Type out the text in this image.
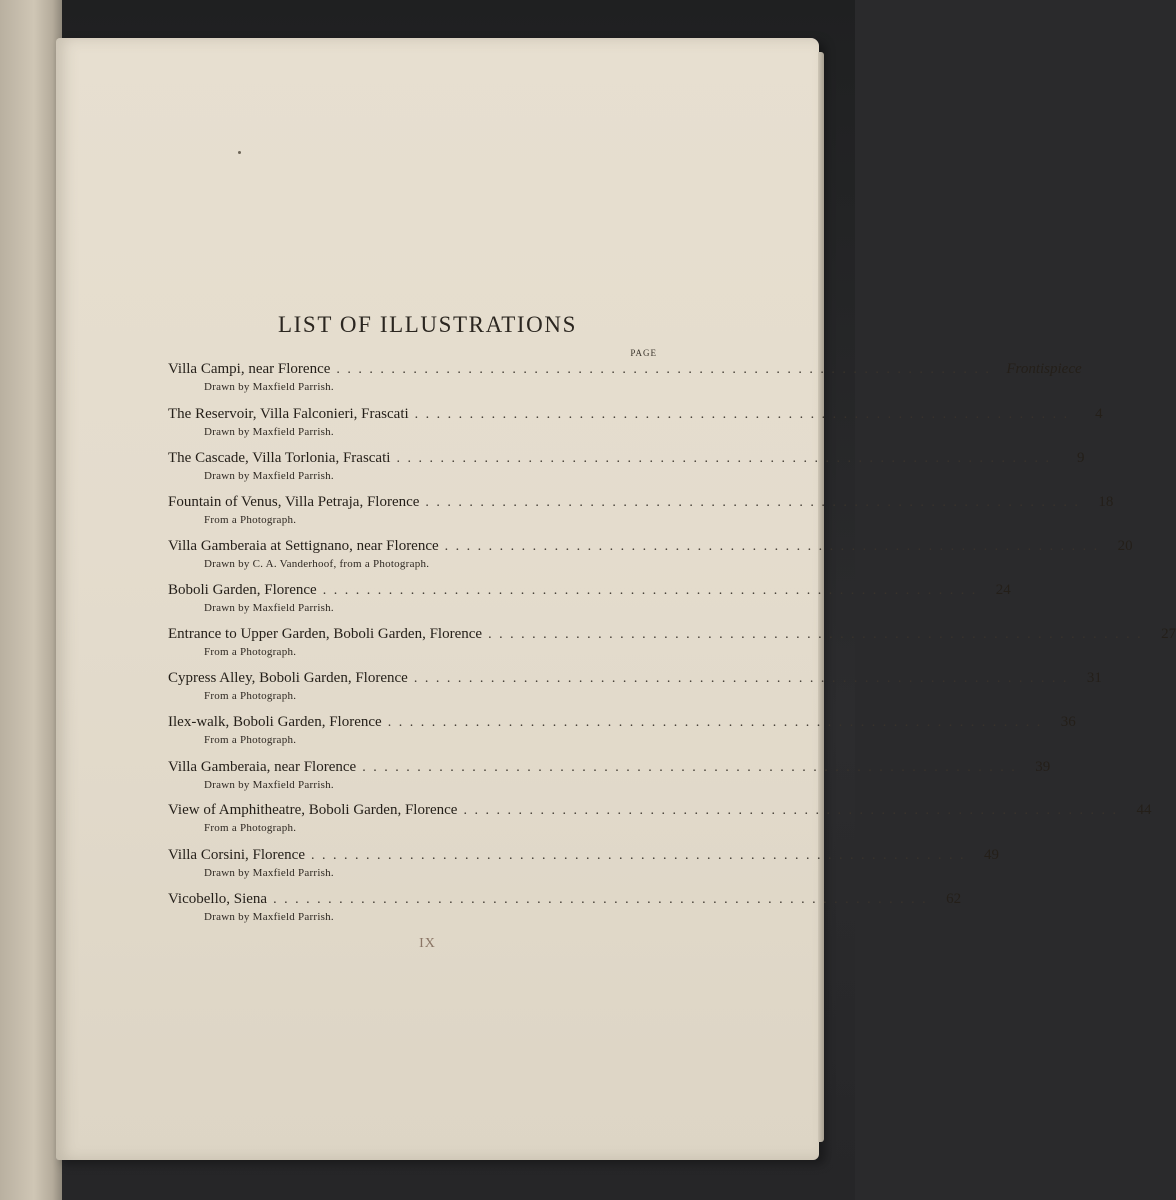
LIST OF ILLUSTRATIONS
PAGE
Villa Campi, near Florence ............................................................ Frontispiece
Drawn by Maxfield Parrish.
The Reservoir, Villa Falconieri, Frascati ............................................................	4
Drawn by Maxfield Parrish.
The Cascade, Villa Torlonia, Frascati ............................................................	9
Drawn by Maxfield Parrish.
Fountain of Venus, Villa Petraja, Florence ............................................................ 18
From a Photograph.
Villa Gamberaia at Settignano, near Florence ............................................................ 20
Drawn by C. A. Vanderhoof, from a Photograph.
Boboli Garden, Florence ............................................................ 24
Drawn by Maxfield Parrish.
Entrance to Upper Garden, Boboli Garden, Florence ............................................................ 27
From a Photograph.
Cypress Alley, Boboli Garden, Florence ............................................................ 31
From a Photograph.
Ilex-walk, Boboli Garden, Florence ............................................................ 36
From a Photograph.
Villa Gamberaia, near Florence ............................................................ 39
Drawn by Maxfield Parrish.
View of Amphitheatre, Boboli Garden, Florence ............................................................ 44
From a Photograph.
Villa Corsini, Florence ............................................................ 49
Drawn by Maxfield Parrish.
Vicobello, Siena ............................................................ 62
Drawn by Maxfield Parrish.
IX
